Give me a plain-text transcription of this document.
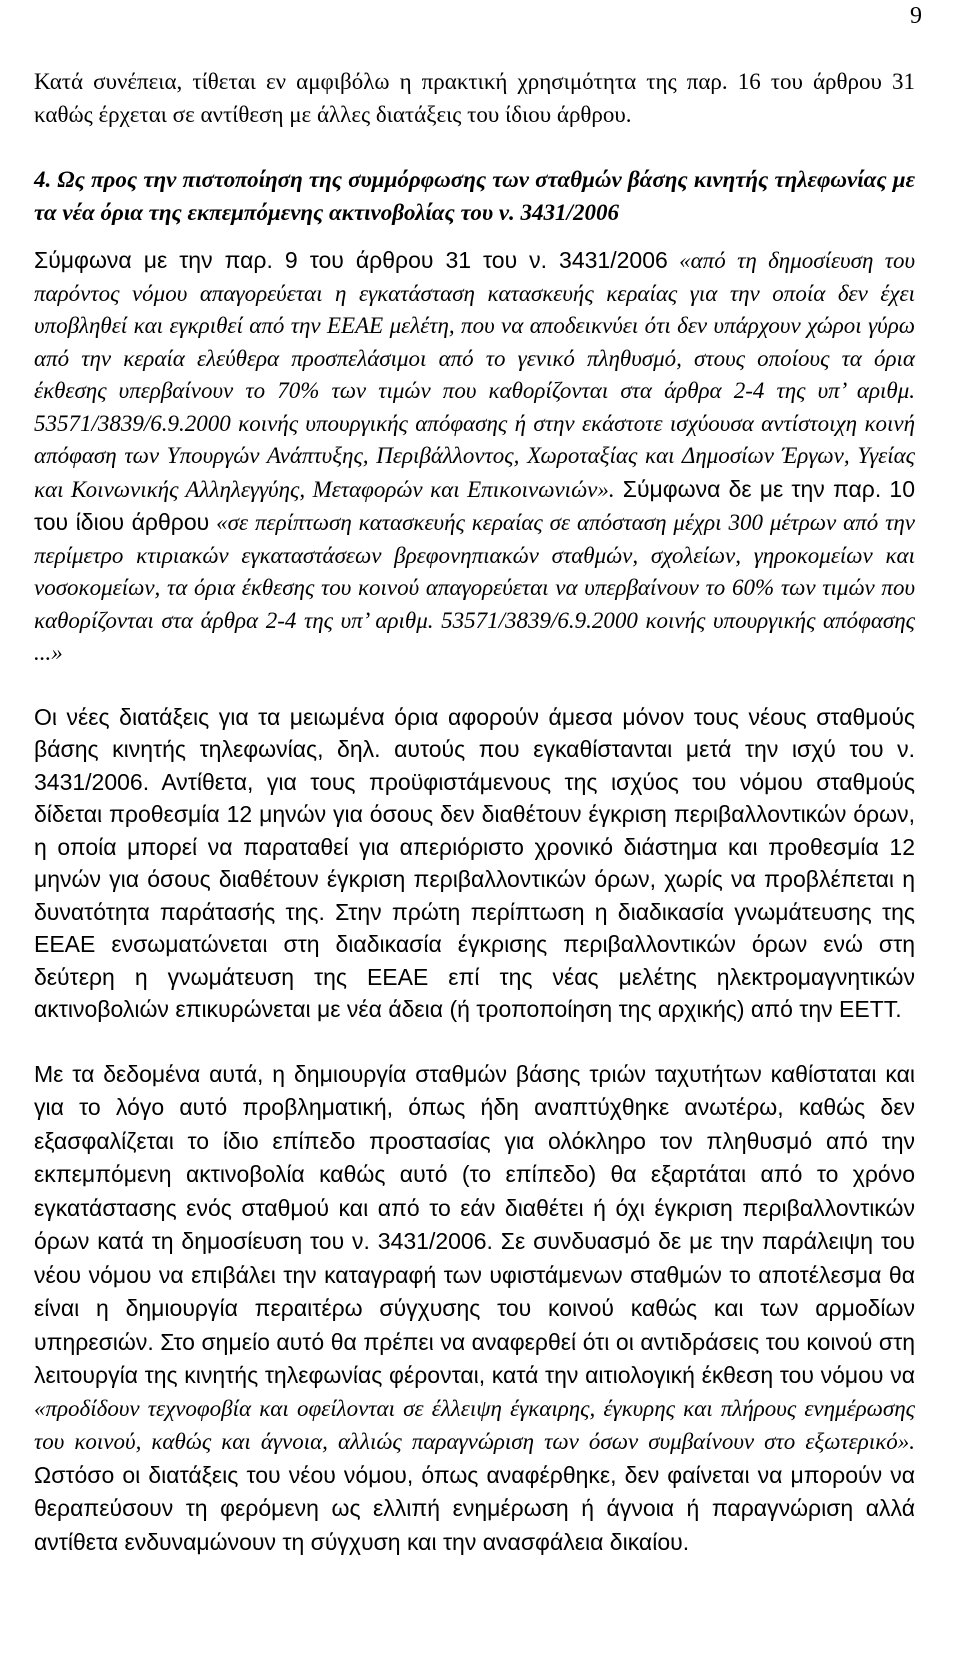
9

Κατά συνέπεια, τίθεται εν αμφιβόλω η πρακτική χρησιμότητα της παρ. 16 του άρθρου 31 καθώς έρχεται σε αντίθεση με άλλες διατάξεις του ίδιου άρθρου.

4. Ως προς την πιστοποίηση της συμμόρφωσης των σταθμών βάσης κινητής τηλεφωνίας με τα νέα όρια της εκπεμπόμενης ακτινοβολίας του ν. 3431/2006

Σύμφωνα με την παρ. 9 του άρθρου 31 του ν. 3431/2006 «από τη δημοσίευση του παρόντος νόμου απαγορεύεται η εγκατάσταση κατασκευής κεραίας για την οποία δεν έχει υποβληθεί και εγκριθεί από την ΕΕΑΕ μελέτη, που να αποδεικνύει ότι δεν υπάρχουν χώροι γύρω από την κεραία ελεύθερα προσπελάσιμοι από το γενικό πληθυσμό, στους οποίους τα όρια έκθεσης υπερβαίνουν το 70% των τιμών που καθορίζονται στα άρθρα 2-4 της υπ’ αριθμ. 53571/3839/6.9.2000 κοινής υπουργικής απόφασης ή στην εκάστοτε ισχύουσα αντίστοιχη κοινή απόφαση των Υπουργών Ανάπτυξης, Περιβάλλοντος, Χωροταξίας και Δημοσίων Έργων, Υγείας και Κοινωνικής Αλληλεγγύης, Μεταφορών και Επικοινωνιών». Σύμφωνα δε με την παρ. 10 του ίδιου άρθρου «σε περίπτωση κατασκευής κεραίας σε απόσταση μέχρι 300 μέτρων από την περίμετρο κτιριακών εγκαταστάσεων βρεφονηπιακών σταθμών, σχολείων, γηροκομείων και νοσοκομείων, τα όρια έκθεσης του κοινού απαγορεύεται να υπερβαίνουν το 60% των τιμών που καθορίζονται στα άρθρα 2-4 της υπ’ αριθμ. 53571/3839/6.9.2000 κοινής υπουργικής απόφασης ...»

Οι νέες διατάξεις για τα μειωμένα όρια αφορούν άμεσα μόνον τους νέους σταθμούς βάσης κινητής τηλεφωνίας, δηλ. αυτούς που εγκαθίστανται μετά την ισχύ του ν. 3431/2006. Αντίθετα, για τους προϋφιστάμενους της ισχύος του νόμου σταθμούς δίδεται προθεσμία 12 μηνών για όσους δεν διαθέτουν έγκριση περιβαλλοντικών όρων, η οποία μπορεί να παραταθεί για απεριόριστο χρονικό διάστημα και προθεσμία 12 μηνών για όσους διαθέτουν έγκριση περιβαλλοντικών όρων, χωρίς να προβλέπεται η δυνατότητα παράτασής της. Στην πρώτη περίπτωση η διαδικασία γνωμάτευσης της ΕΕΑΕ ενσωματώνεται στη διαδικασία έγκρισης περιβαλλοντικών όρων ενώ στη δεύτερη η γνωμάτευση της ΕΕΑΕ επί της νέας μελέτης ηλεκτρομαγνητικών ακτινοβολιών επικυρώνεται με νέα άδεια (ή τροποποίηση της αρχικής) από την ΕΕΤΤ.

Με τα δεδομένα αυτά, η δημιουργία σταθμών βάσης τριών ταχυτήτων καθίσταται και για το λόγο αυτό προβληματική, όπως ήδη αναπτύχθηκε ανωτέρω, καθώς δεν εξασφαλίζεται το ίδιο επίπεδο προστασίας για ολόκληρο τον πληθυσμό από την εκπεμπόμενη ακτινοβολία καθώς αυτό (το επίπεδο) θα εξαρτάται από το χρόνο εγκατάστασης ενός σταθμού και από το εάν διαθέτει ή όχι έγκριση περιβαλλοντικών όρων κατά τη δημοσίευση του ν. 3431/2006. Σε συνδυασμό δε με την παράλειψη του νέου νόμου να επιβάλει την καταγραφή των υφιστάμενων σταθμών το αποτέλεσμα θα είναι η δημιουργία περαιτέρω σύγχυσης του κοινού καθώς και των αρμοδίων υπηρεσιών. Στο σημείο αυτό θα πρέπει να αναφερθεί ότι οι αντιδράσεις του κοινού στη λειτουργία της κινητής τηλεφωνίας φέρονται, κατά την αιτιολογική έκθεση του νόμου να «προδίδουν τεχνοφοβία και οφείλονται σε έλλειψη έγκαιρης, έγκυρης και πλήρους ενημέρωσης του κοινού, καθώς και άγνοια, αλλιώς παραγνώριση των όσων συμβαίνουν στο εξωτερικό». Ωστόσο οι διατάξεις του νέου νόμου, όπως αναφέρθηκε, δεν φαίνεται να μπορούν να θεραπεύσουν τη φερόμενη ως ελλιπή ενημέρωση ή άγνοια ή παραγνώριση αλλά αντίθετα ενδυναμώνουν τη σύγχυση και την ανασφάλεια δικαίου.
